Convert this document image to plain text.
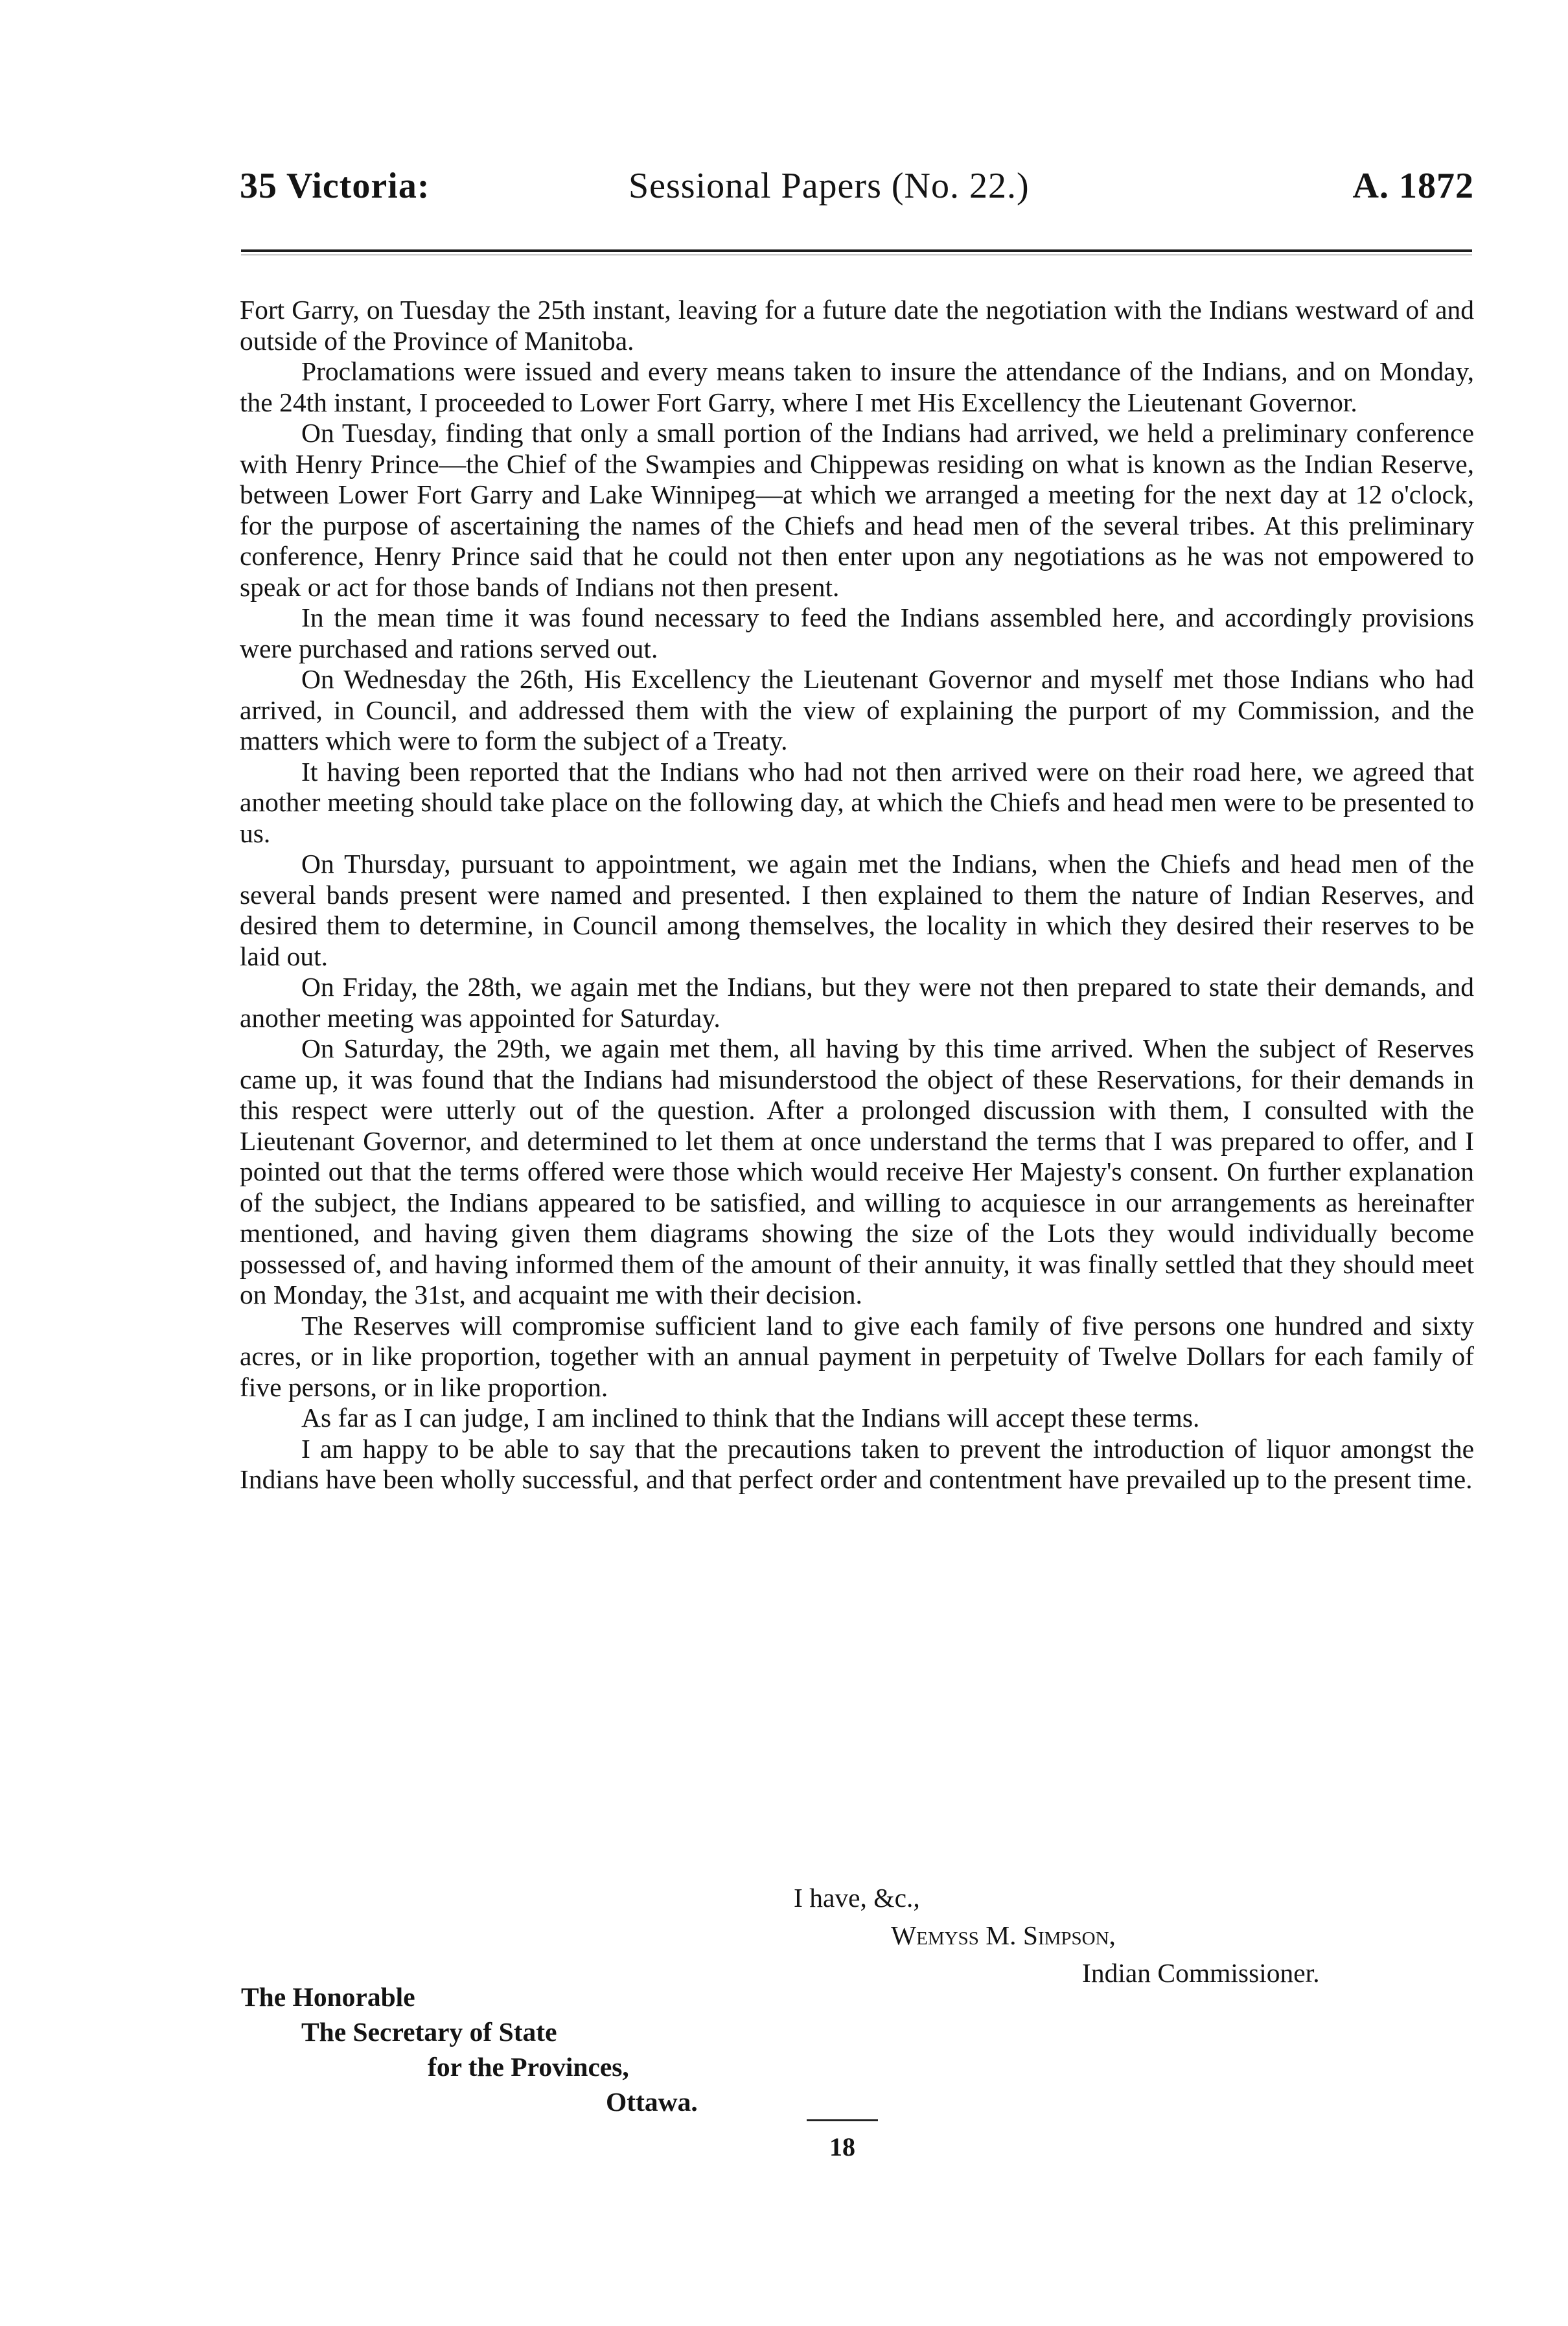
35 Victoria:	Sessional Papers (No. 22.)	A. 1872

Fort Garry, on Tuesday the 25th instant, leaving for a future date the negotiation with the Indians westward of and outside of the Province of Manitoba.

Proclamations were issued and every means taken to insure the attendance of the Indians, and on Monday, the 24th instant, I proceeded to Lower Fort Garry, where I met His Excellency the Lieutenant Governor.

On Tuesday, finding that only a small portion of the Indians had arrived, we held a preliminary conference with Henry Prince—the Chief of the Swampies and Chippewas residing on what is known as the Indian Reserve, between Lower Fort Garry and Lake Winnipeg—at which we arranged a meeting for the next day at 12 o'clock, for the purpose of ascertaining the names of the Chiefs and head men of the several tribes. At this preliminary conference, Henry Prince said that he could not then enter upon any negotiations as he was not empowered to speak or act for those bands of Indians not then present.

In the mean time it was found necessary to feed the Indians assembled here, and accordingly provisions were purchased and rations served out.

On Wednesday the 26th, His Excellency the Lieutenant Governor and myself met those Indians who had arrived, in Council, and addressed them with the view of explaining the purport of my Commission, and the matters which were to form the subject of a Treaty.

It having been reported that the Indians who had not then arrived were on their road here, we agreed that another meeting should take place on the following day, at which the Chiefs and head men were to be presented to us.

On Thursday, pursuant to appointment, we again met the Indians, when the Chiefs and head men of the several bands present were named and presented. I then explained to them the nature of Indian Reserves, and desired them to determine, in Council among themselves, the locality in which they desired their reserves to be laid out.

On Friday, the 28th, we again met the Indians, but they were not then prepared to state their demands, and another meeting was appointed for Saturday.

On Saturday, the 29th, we again met them, all having by this time arrived. When the subject of Reserves came up, it was found that the Indians had misunderstood the object of these Reservations, for their demands in this respect were utterly out of the question. After a prolonged discussion with them, I consulted with the Lieutenant Governor, and determined to let them at once understand the terms that I was prepared to offer, and I pointed out that the terms offered were those which would receive Her Majesty's consent. On further explanation of the subject, the Indians appeared to be satisfied, and willing to acquiesce in our arrangements as hereinafter mentioned, and having given them diagrams showing the size of the Lots they would individually become possessed of, and having informed them of the amount of their annuity, it was finally settled that they should meet on Monday, the 31st, and acquaint me with their decision.

The Reserves will compromise sufficient land to give each family of five persons one hundred and sixty acres, or in like proportion, together with an annual payment in perpetuity of Twelve Dollars for each family of five persons, or in like proportion.

As far as I can judge, I am inclined to think that the Indians will accept these terms.

I am happy to be able to say that the precautions taken to prevent the introduction of liquor amongst the Indians have been wholly successful, and that perfect order and contentment have prevailed up to the present time.

I have, &c.,
Wemyss M. Simpson,
Indian Commissioner.
The Honorable
The Secretary of State
for the Provinces,
Ottawa.
18
